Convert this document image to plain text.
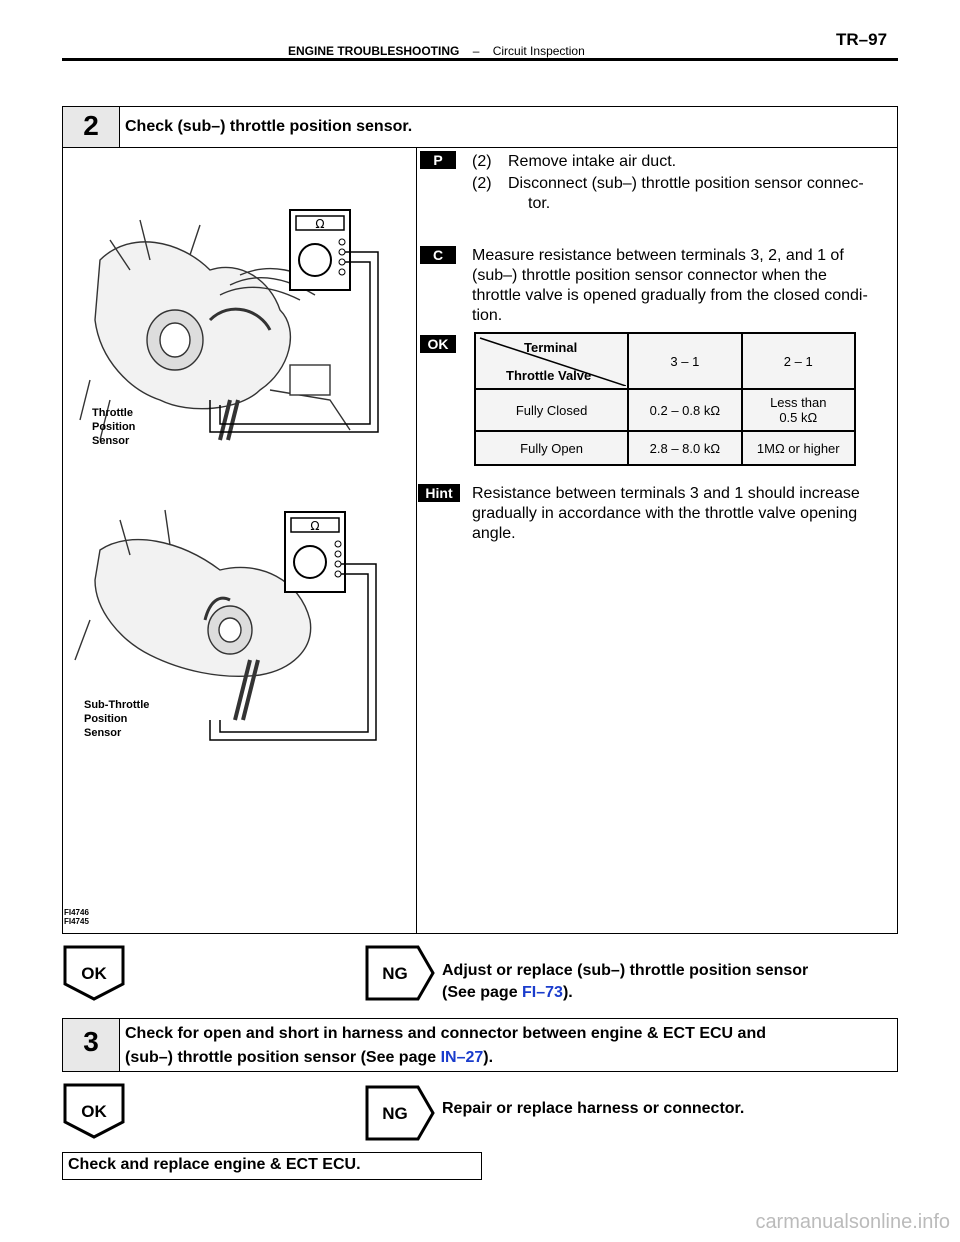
TR–97
ENGINE TROUBLESHOOTING – Circuit Inspection
2	Check (sub–) throttle position sensor.
Ω
Throttle
Position
Sensor
Ω
Sub-Throttle
Position
Sensor
FI4746
FI4745
P	(2)	Remove intake air duct.
(2)	Disconnect (sub–) throttle position sensor connec-
tor.
C	Measure resistance between terminals 3, 2, and 1 of
(sub–) throttle position sensor connector when the
throttle valve is opened gradually from the closed condi-
tion.
OK	Terminal
Throttle Valve	3 – 1	2 – 1
Fully Closed	0.2 – 0.8 kΩ	Less than
0.5 kΩ

Fully Open	2.8 – 8.0 kΩ	1MΩ or higher
Hint	Resistance between terminals 3 and 1 should increase
gradually in accordance with the throttle valve opening
angle.
OK	NG	Adjust or replace (sub–) throttle position sensor
(See page FI–73).
3	Check for open and short in harness and connector between engine & ECT ECU and
(sub–) throttle position sensor (See page IN–27).
OK	NG	Repair or replace harness or connector.
Check and replace engine & ECT ECU.
carmanualsonline.info
